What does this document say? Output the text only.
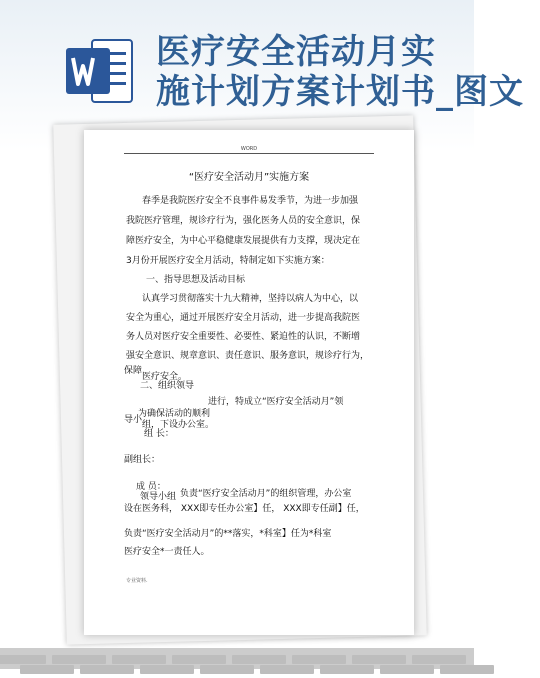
医疗安全活动月实
施计划方案计划书_图文
WORD
“医疗安全活动月”实施方案
春季是我院医疗安全不良事件易发季节，为进一步加强
我院医疗管理，规诊疗行为，强化医务人员的安全意识，保
障医疗安全，为中心平稳健康发展提供有力支撑，现决定在
3月份开展医疗安全月活动，特制定如下实施方案：
一、指导思想及活动目标
认真学习贯彻落实十九大精神，坚持以病人为中心，以
安全为重心，通过开展医疗安全月活动，进一步提高我院医
务人员对医疗安全重要性、必要性、紧迫性的认识，不断增
强安全意识、规章意识、责任意识、服务意识，规诊疗行为，
保障
医疗安全。
二、组织领导
进行，特成立“医疗安全活动月”领
为确保活动的顺利
导小 组，下设办公室。
组 长：
副组长：
成 员：
领导小组 负责“医疗安全活动月”的组织管理，办公室
设在医务科， XXX即专任办公室】任， XXX即专任副】任，
负责“医疗安全活动月”的**落实，*科室】任为*科室
医疗安全*一责任人。
专业资料.
